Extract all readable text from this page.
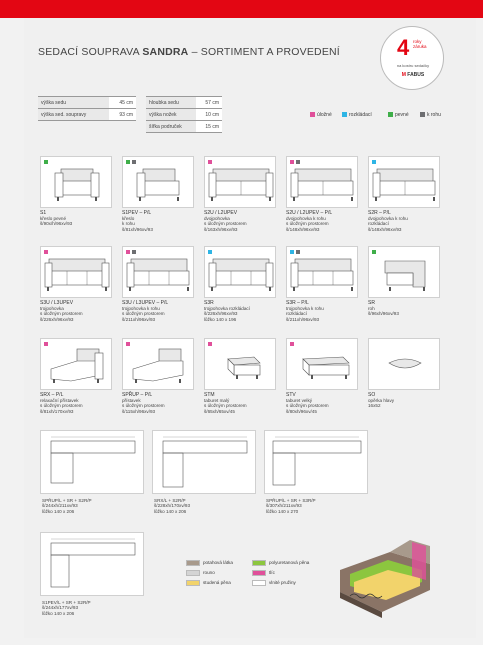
SEDACÍ SOUPRAVA SANDRA – SORTIMENT A PROVEDENÍ	4 roky
záruka
na kostru sedačky
M FABUS
výška sedu	45 cm
výška sed. soupravy	93 cm
hloubka sedu	57 cm
výška nožek	10 cm
šířka područek	15 cm
úložné	rozkládací	pevné	k rohu
S1
křeslo pevné
š/90x/h/96xv/93
S1PEV – P/L
křeslo
k rohu
š/81xh/96xv/93
S2U / L2UPEV
dvojpohovka
s úložným prostorem
š/163xh/96xv/93
S2U / L2UPEV – P/L
dvojpohovka k rohu
s úložným prostorem
š/148xh/96xv/93
S2R – P/L
dvojpohovka k rohu
rozkládací
š/148xh/96xv/93
S3U / L3UPEV
trojpohovka
s úložným prostorem
š/226xh/96xv/93
S3U / L3UPEV – P/L
trojpohovka k rohu
s úložným prostorem
š/211xh/96xv/93
S3R
trojpohovka rozkládací
š/226xh/96xv/93
lůžko 140 x 196
S3R – P/L
trojpohovka k rohu
rozkládací
š/211xh/96xv/93
SR
roh
š/96xh/96xv/93
SRX – P/L
relaxační přístavek
s úložným prostorem
š/81xh/170xv/93
SPŘUP – P/L
přístavek
s úložným prostorem
š/115xh/96xv/93
STM
taburet malý
s úložným prostorem
š/65xh/65xv/45
STV
taburet velký
s úložným prostorem
š/80xh/96xv/45
SO
opěrka hlavy
16x52
SPŘUP/L + SR + S2R/P
š/244xh/211xv/93
lůžko 140 x 206
SRX/L + S2R/P
š/228xh/170xv/93
lůžko 140 x 206
SPŘUP/L + SR + S3R/P
š/307xh/211xv/93
lůžko 140 x 270
S1PEV/L + SR + S2R/P
š/244xh/177xv/93
lůžko 140 x 206
potahová látka
rouno
studená pěna
polyuretanová pěna
tlíc
vlnité pružiny
